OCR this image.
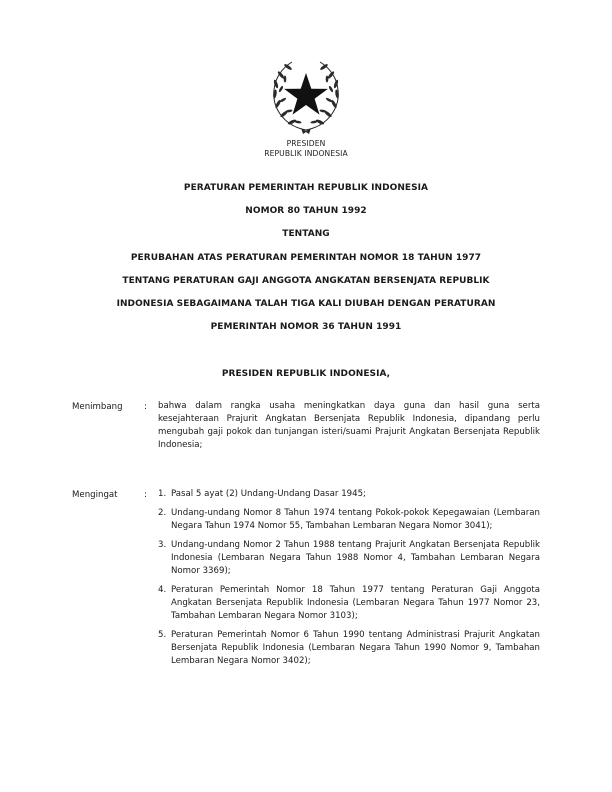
PRESIDEN
REPUBLIK INDONESIA
PERATURAN PEMERINTAH REPUBLIK INDONESIA
NOMOR 80 TAHUN 1992
TENTANG
PERUBAHAN ATAS PERATURAN PEMERINTAH NOMOR 18 TAHUN 1977
TENTANG PERATURAN GAJI ANGGOTA ANGKATAN BERSENJATA REPUBLIK
INDONESIA SEBAGAIMANA TALAH TIGA KALI DIUBAH DENGAN PERATURAN
PEMERINTAH NOMOR 36 TAHUN 1991
PRESIDEN REPUBLIK INDONESIA,
Menimbang : bahwa dalam rangka usaha meningkatkan daya guna dan hasil guna serta kesejahteraan Prajurit Angkatan Bersenjata Republik Indonesia, dipandang perlu mengubah gaji pokok dan tunjangan isteri/suami Prajurit Angkatan Bersenjata Republik Indonesia;
Mengingat	: 1. Pasal 5 ayat (2) Undang-Undang Dasar 1945;
2. Undang-undang Nomor 8 Tahun 1974 tentang Pokok-pokok Kepegawaian (Lembaran Negara Tahun 1974 Nomor 55, Tambahan Lembaran Negara Nomor 3041);
3. Undang-undang Nomor 2 Tahun 1988 tentang Prajurit Angkatan Bersenjata Republik Indonesia (Lembaran Negara Tahun 1988 Nomor 4, Tambahan Lembaran Negara Nomor 3369);
4. Peraturan Pemerintah Nomor 18 Tahun 1977 tentang Peraturan Gaji Anggota Angkatan Bersenjata Republik Indonesia (Lembaran Negara Tahun 1977 Nomor 23, Tambahan Lembaran Negara Nomor 3103);
5. Peraturan Pemerintah Nomor 6 Tahun 1990 tentang Administrasi Prajurit Angkatan Bersenjata Republik Indonesia (Lembaran Negara Tahun 1990 Nomor 9, Tambahan Lembaran Negara Nomor 3402);
